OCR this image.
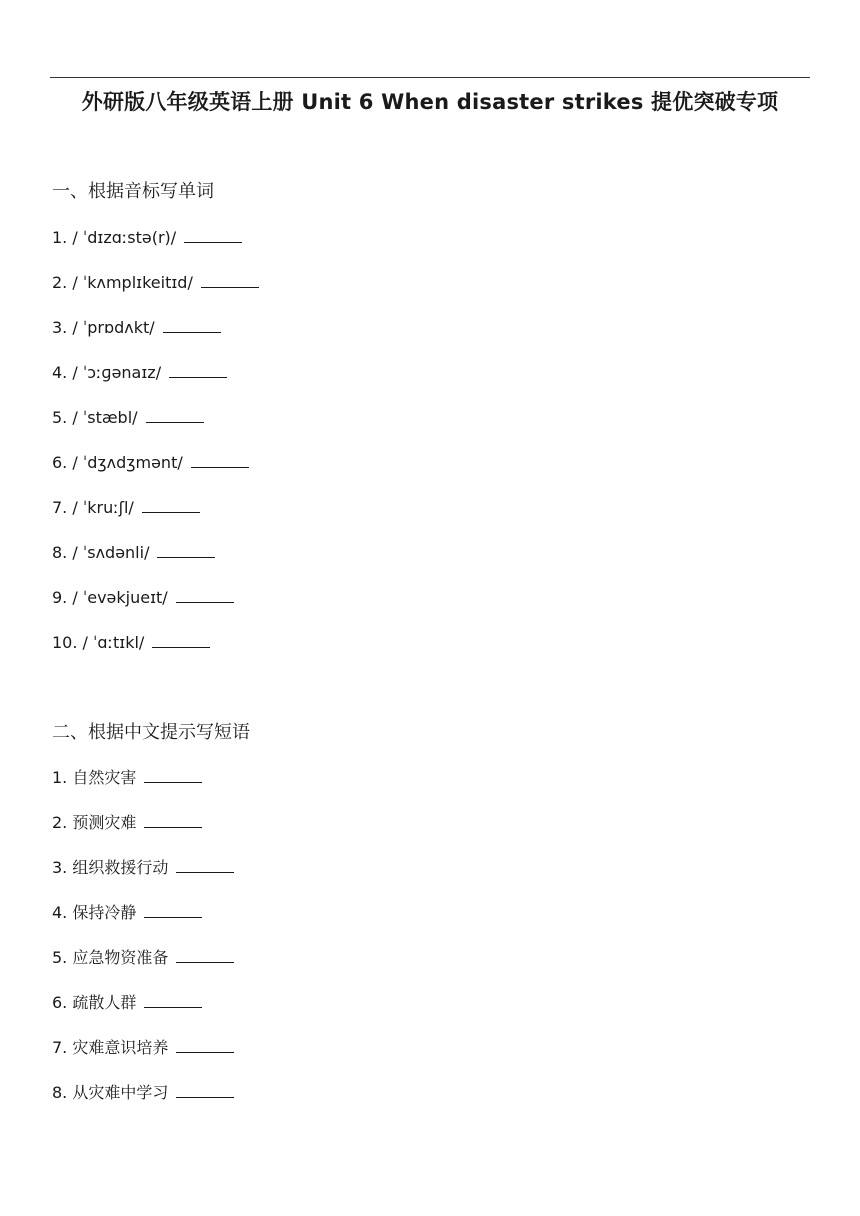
外研版八年级英语上册 Unit 6 When disaster strikes 提优突破专项
一、根据音标写单词
1. / ˈdɪzɑːstə(r)/
2. / ˈkʌmplɪkeitɪd/
3. / ˈprɒdʌkt/
4. / ˈɔːɡənaɪz/
5. / ˈstæbl/
6. / ˈdʒʌdʒmənt/
7. / ˈkruːʃl/
8. / ˈsʌdənli/
9. / ˈevəkjueɪt/
10. / ˈɑːtɪkl/
二、根据中文提示写短语
1. 自然灾害
2. 预测灾难
3. 组织救援行动
4. 保持冷静
5. 应急物资准备
6. 疏散人群
7. 灾难意识培养
8. 从灾难中学习
